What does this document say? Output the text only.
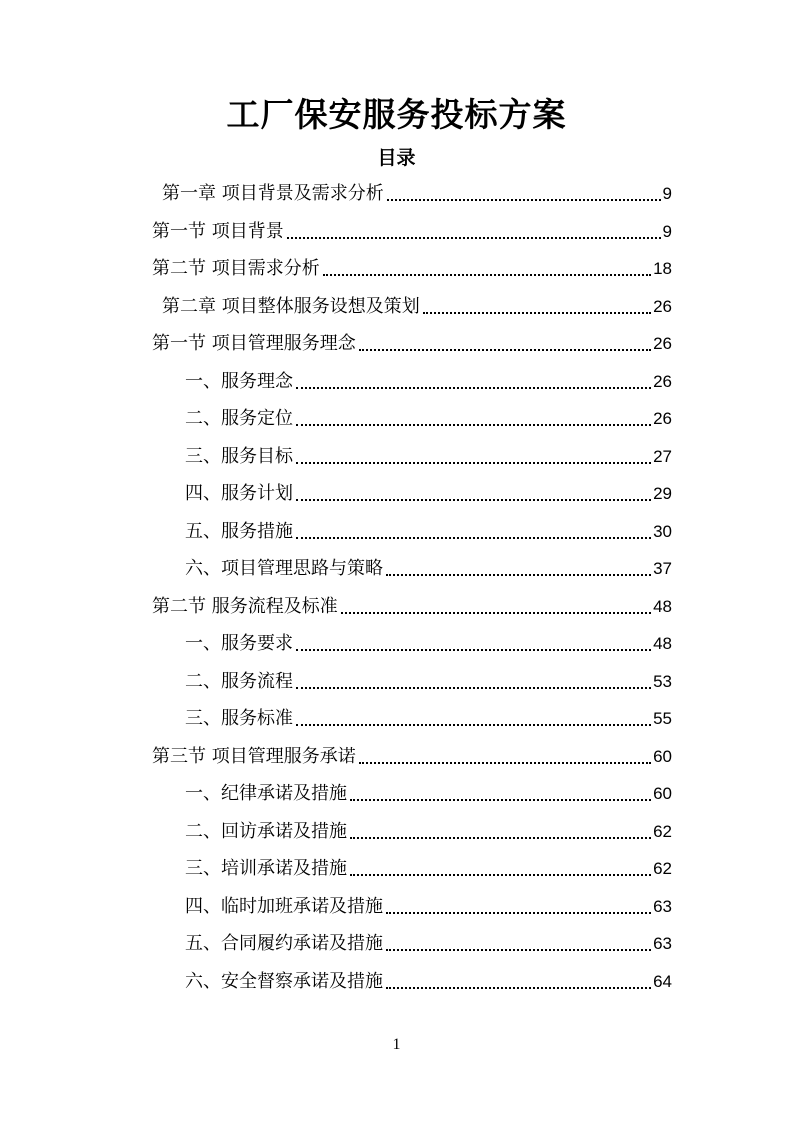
工厂保安服务投标方案
目录
第一章 项目背景及需求分析	9
第一节 项目背景	9
第二节 项目需求分析	18
第二章 项目整体服务设想及策划	26
第一节 项目管理服务理念	26
一、服务理念	26
二、服务定位	26
三、服务目标	27
四、服务计划	29
五、服务措施	30
六、项目管理思路与策略	37
第二节 服务流程及标准	48
一、服务要求	48
二、服务流程	53
三、服务标准	55
第三节 项目管理服务承诺	60
一、纪律承诺及措施	60
二、回访承诺及措施	62
三、培训承诺及措施	62
四、临时加班承诺及措施	63
五、合同履约承诺及措施	63
六、安全督察承诺及措施	64
1
